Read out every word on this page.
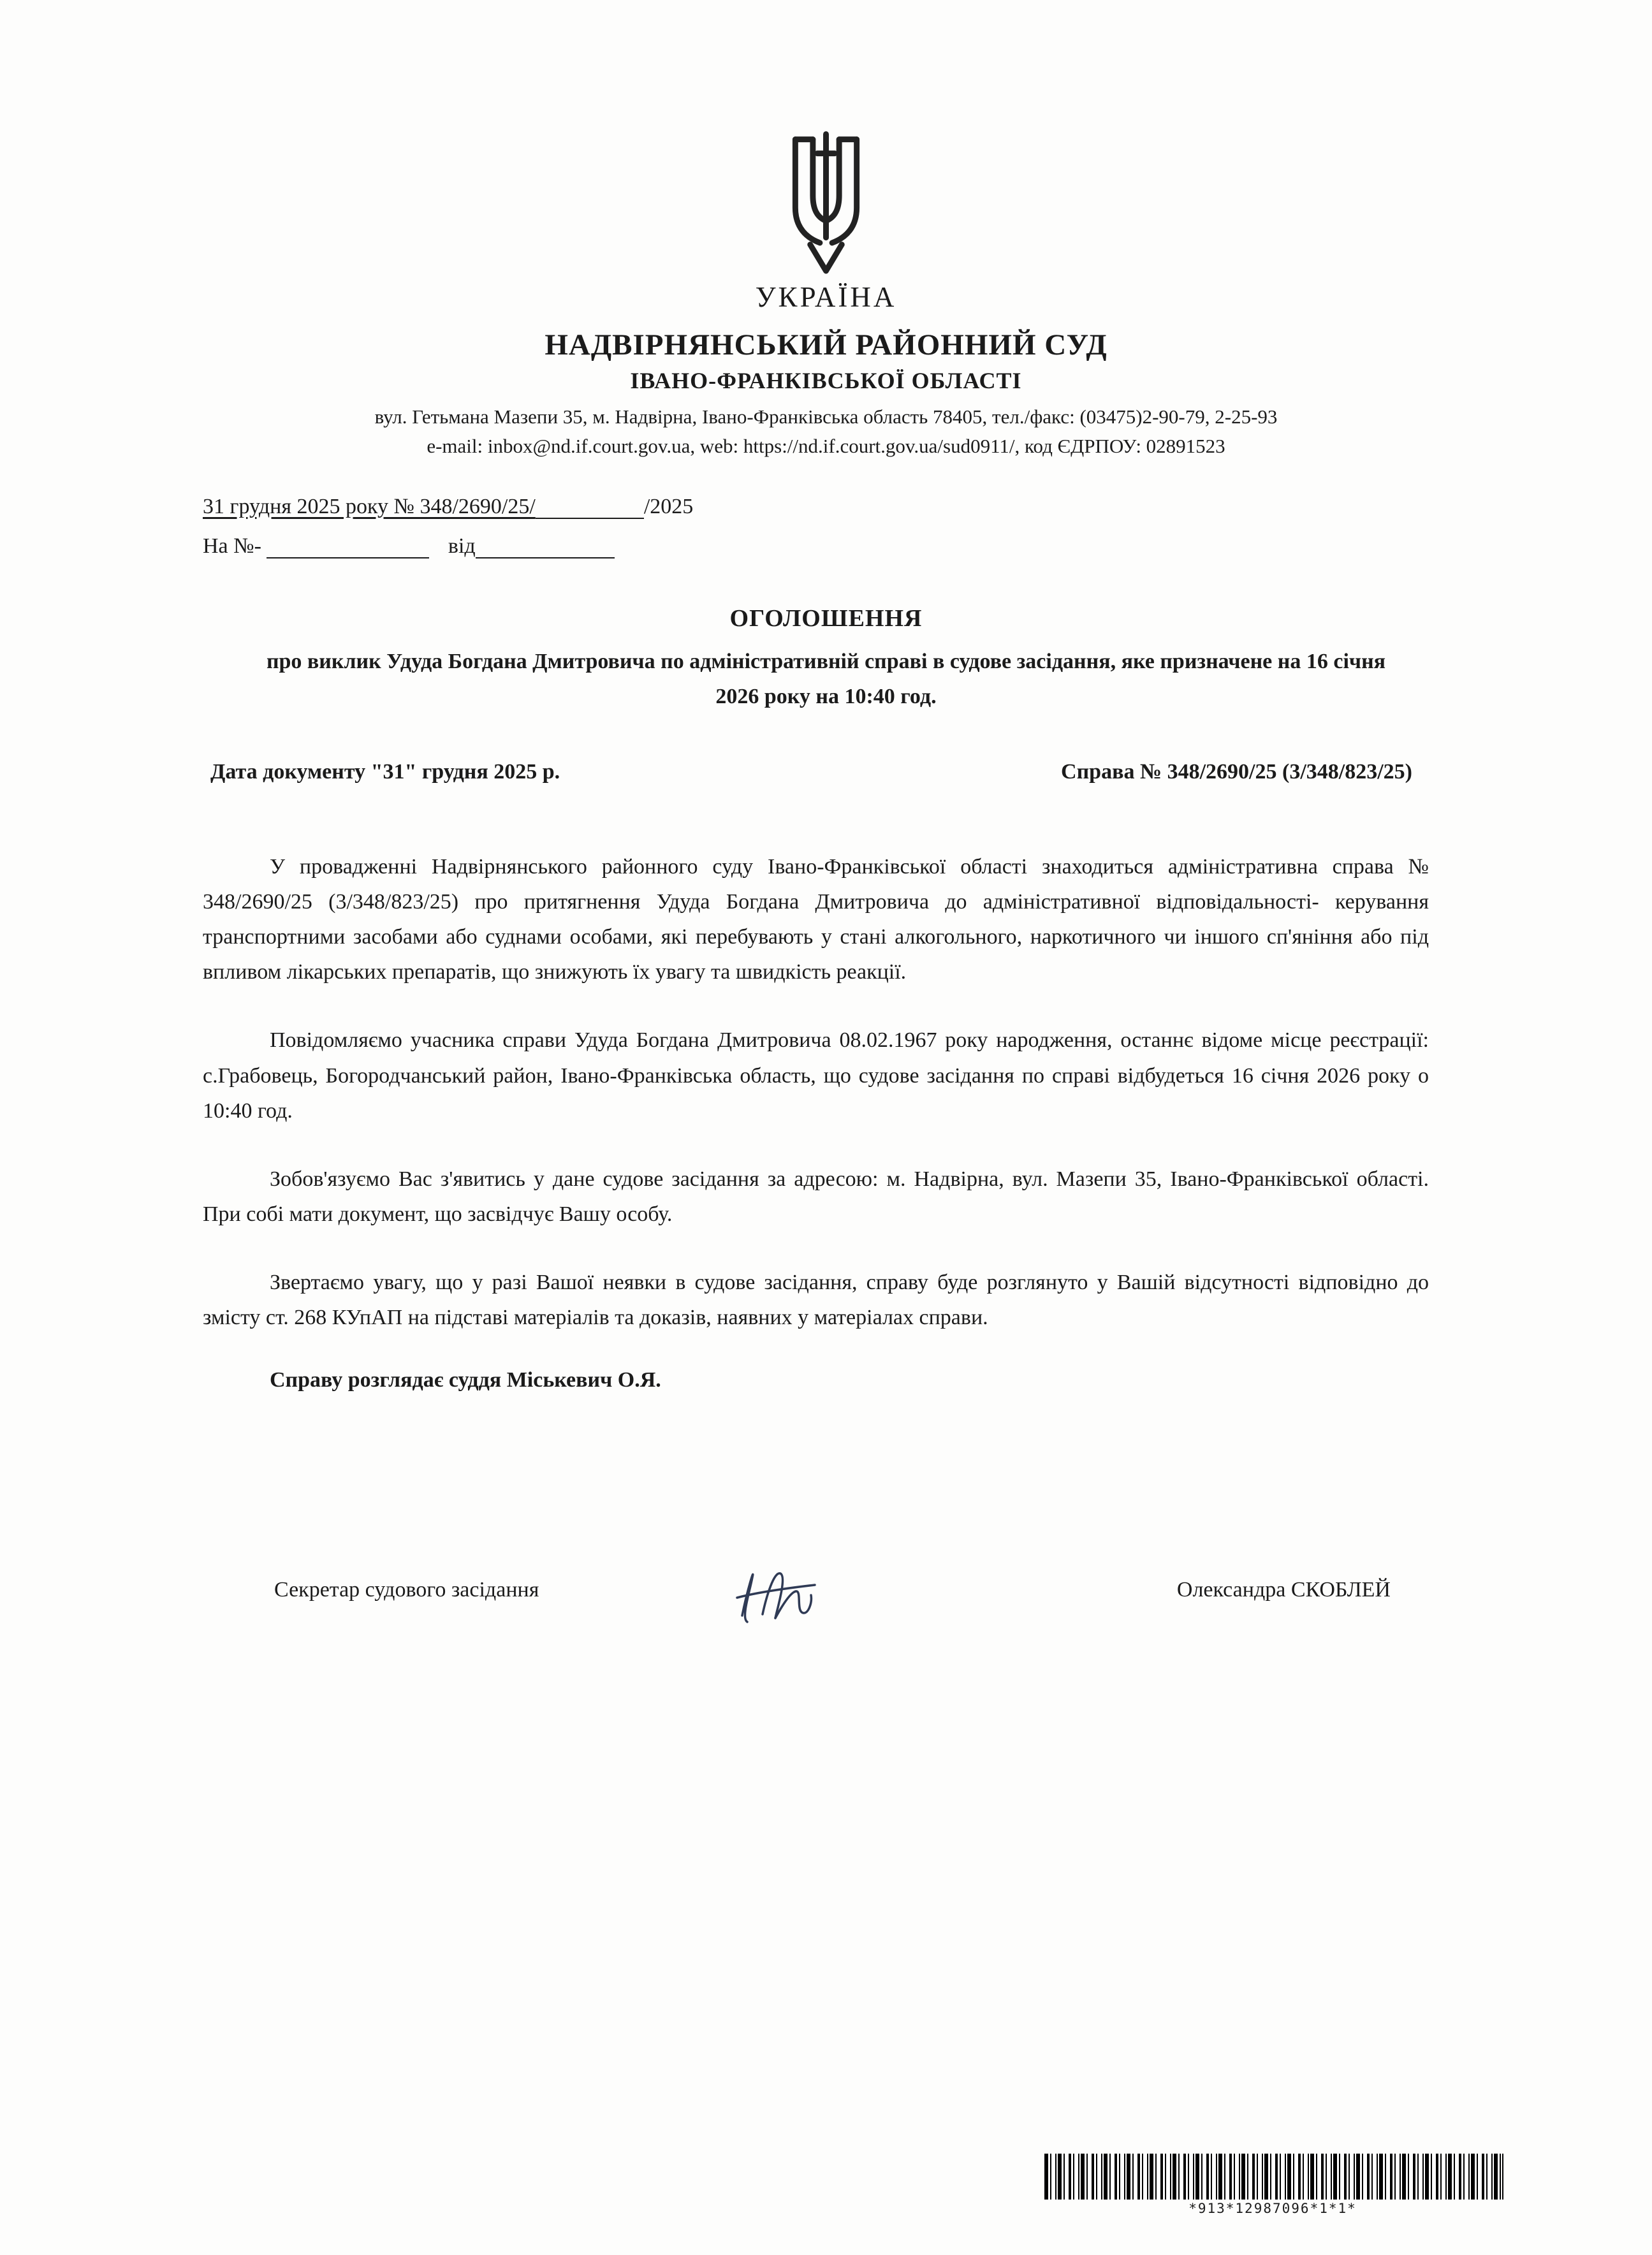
УКРАЇНА
НАДВІРНЯНСЬКИЙ РАЙОННИЙ СУД
ІВАНО-ФРАНКІВСЬКОЇ ОБЛАСТІ
вул. Гетьмана Мазепи 35, м. Надвірна, Івано-Франківська область 78405, тел./факс: (03475)2-90-79, 2-25-93
e-mail: inbox@nd.if.court.gov.ua, web: https://nd.if.court.gov.ua/sud0911/, код ЄДРПОУ: 02891523
31 грудня 2025 року № 348/2690/25/	/2025
На №-	від
ОГОЛОШЕННЯ
про виклик Удуда Богдана Дмитровича по адміністративній справі в судове засідання, яке призначене на 16 січня 2026 року на 10:40 год.
Дата документу "31" грудня 2025 р.	Справа № 348/2690/25 (3/348/823/25)

У провадженні Надвірнянського районного суду Івано-Франківської області знаходиться адміністративна справа № 348/2690/25 (3/348/823/25) про притягнення Удуда Богдана Дмитровича до адміністративної відповідальності- керування транспортними засобами або суднами особами, які перебувають у стані алкогольного, наркотичного чи іншого сп'яніння або під впливом лікарських препаратів, що знижують їх увагу та швидкість реакції.

Повідомляємо учасника справи Удуда Богдана Дмитровича 08.02.1967 року народження, останнє відоме місце реєстрації: с.Грабовець, Богородчанський район, Івано-Франківська область, що судове засідання по справі відбудеться 16 січня 2026 року о 10:40 год.

Зобов'язуємо Вас з'явитись у дане судове засідання за адресою: м. Надвірна, вул. Мазепи 35, Івано-Франківської області. При собі мати документ, що засвідчує Вашу особу.

Звертаємо увагу, що у разі Вашої неявки в судове засідання, справу буде розглянуто у Вашій відсутності відповідно до змісту ст. 268 КУпАП на підставі матеріалів та доказів, наявних у матеріалах справи.

Справу розглядає суддя Міськевич О.Я.
Секретар судового засідання	Олександра СКОБЛЕЙ
*913*12987096*1*1*
